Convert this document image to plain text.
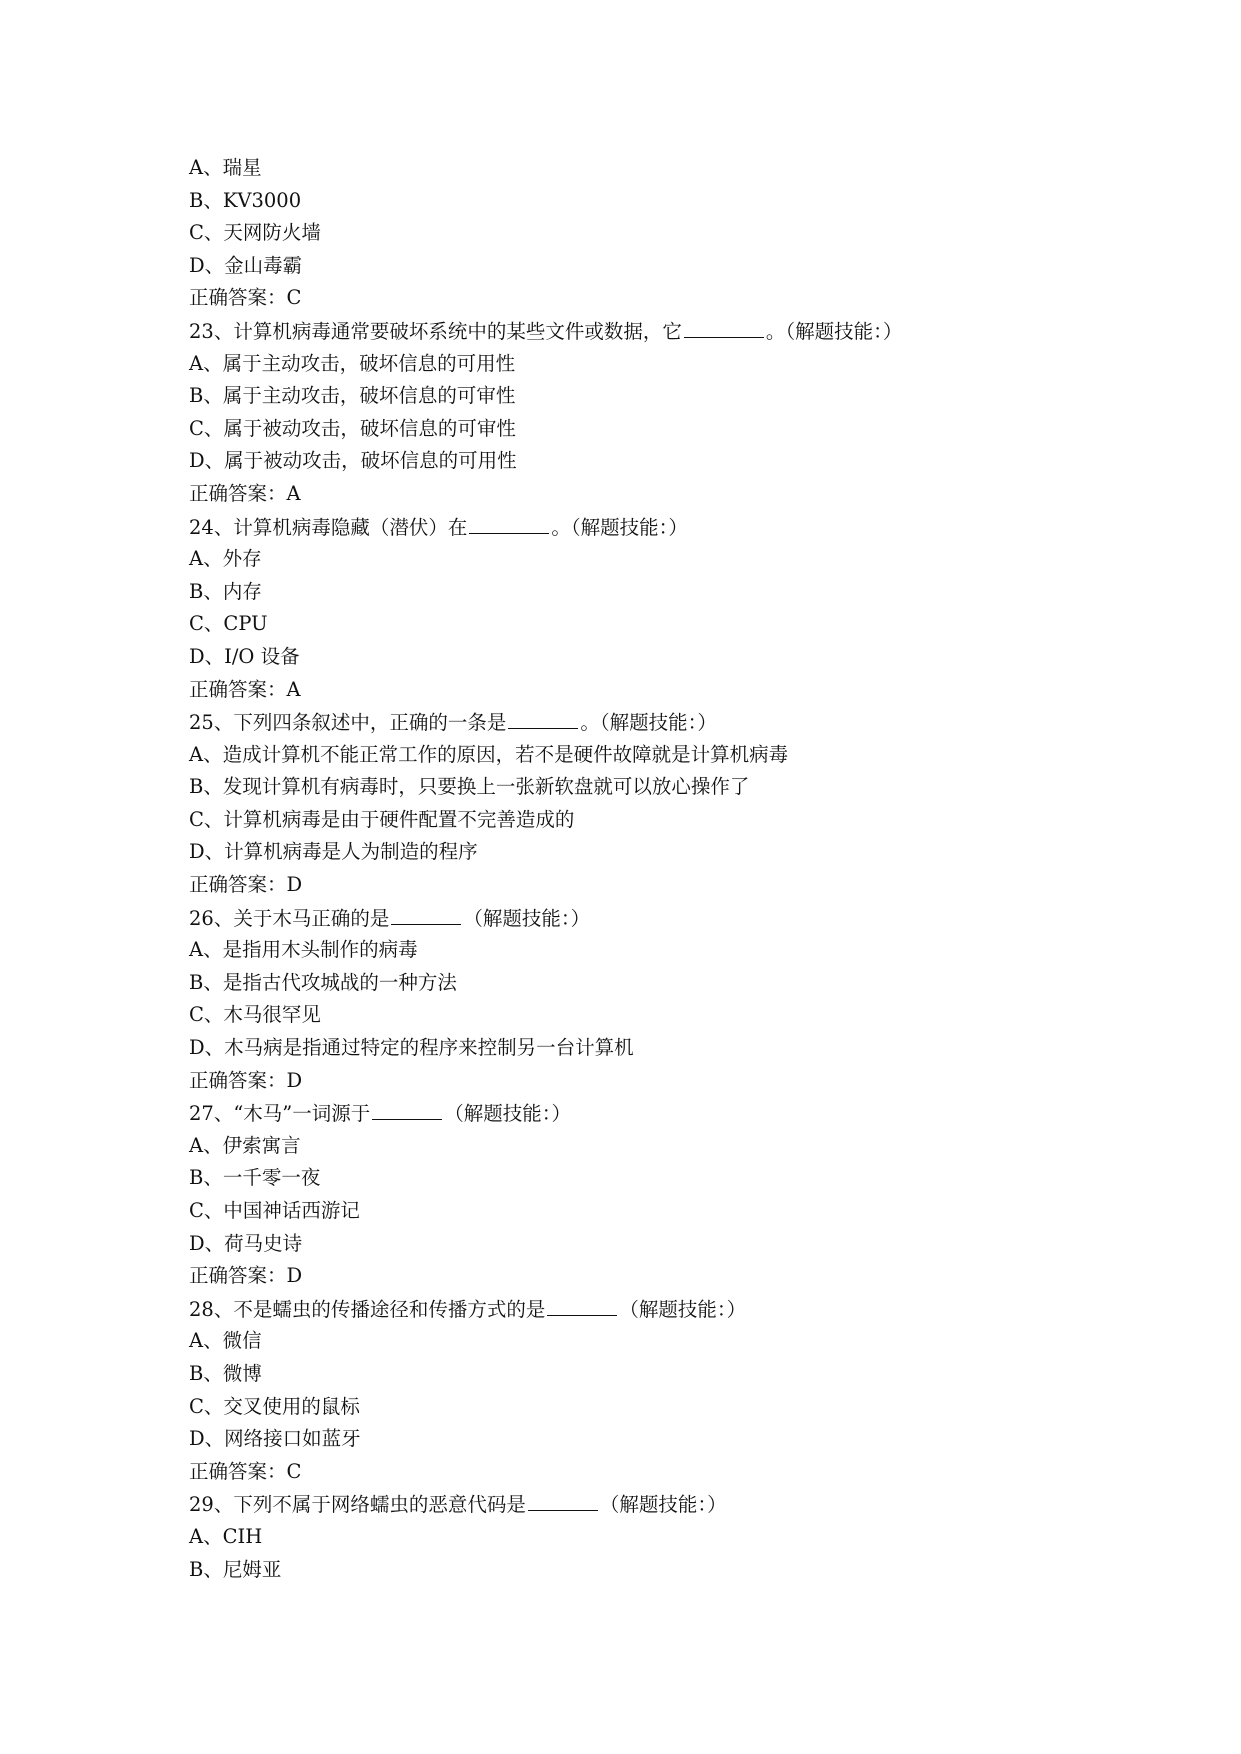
A、瑞星
B、KV3000
C、天网防火墙
D、金山毒霸
正确答案：C
23、计算机病毒通常要破坏系统中的某些文件或数据，它	。（解题技能：）
A、属于主动攻击，破坏信息的可用性
B、属于主动攻击，破坏信息的可审性
C、属于被动攻击，破坏信息的可审性
D、属于被动攻击，破坏信息的可用性
正确答案：A
24、计算机病毒隐藏（潜伏）在	。（解题技能：）
A、外存
B、内存
C、CPU
D、I/O 设备
正确答案：A
25、下列四条叙述中，正确的一条是	。（解题技能：）
A、造成计算机不能正常工作的原因，若不是硬件故障就是计算机病毒
B、发现计算机有病毒时，只要换上一张新软盘就可以放心操作了
C、计算机病毒是由于硬件配置不完善造成的
D、计算机病毒是人为制造的程序
正确答案：D
26、关于木马正确的是	（解题技能：）
A、是指用木头制作的病毒
B、是指古代攻城战的一种方法
C、木马很罕见
D、木马病是指通过特定的程序来控制另一台计算机
正确答案：D
27、“木马”一词源于	（解题技能：）
A、伊索寓言
B、一千零一夜
C、中国神话西游记
D、荷马史诗
正确答案：D
28、不是蠕虫的传播途径和传播方式的是	（解题技能：）
A、微信
B、微博
C、交叉使用的鼠标
D、网络接口如蓝牙
正确答案：C
29、下列不属于网络蠕虫的恶意代码是	（解题技能：）
A、CIH
B、尼姆亚
